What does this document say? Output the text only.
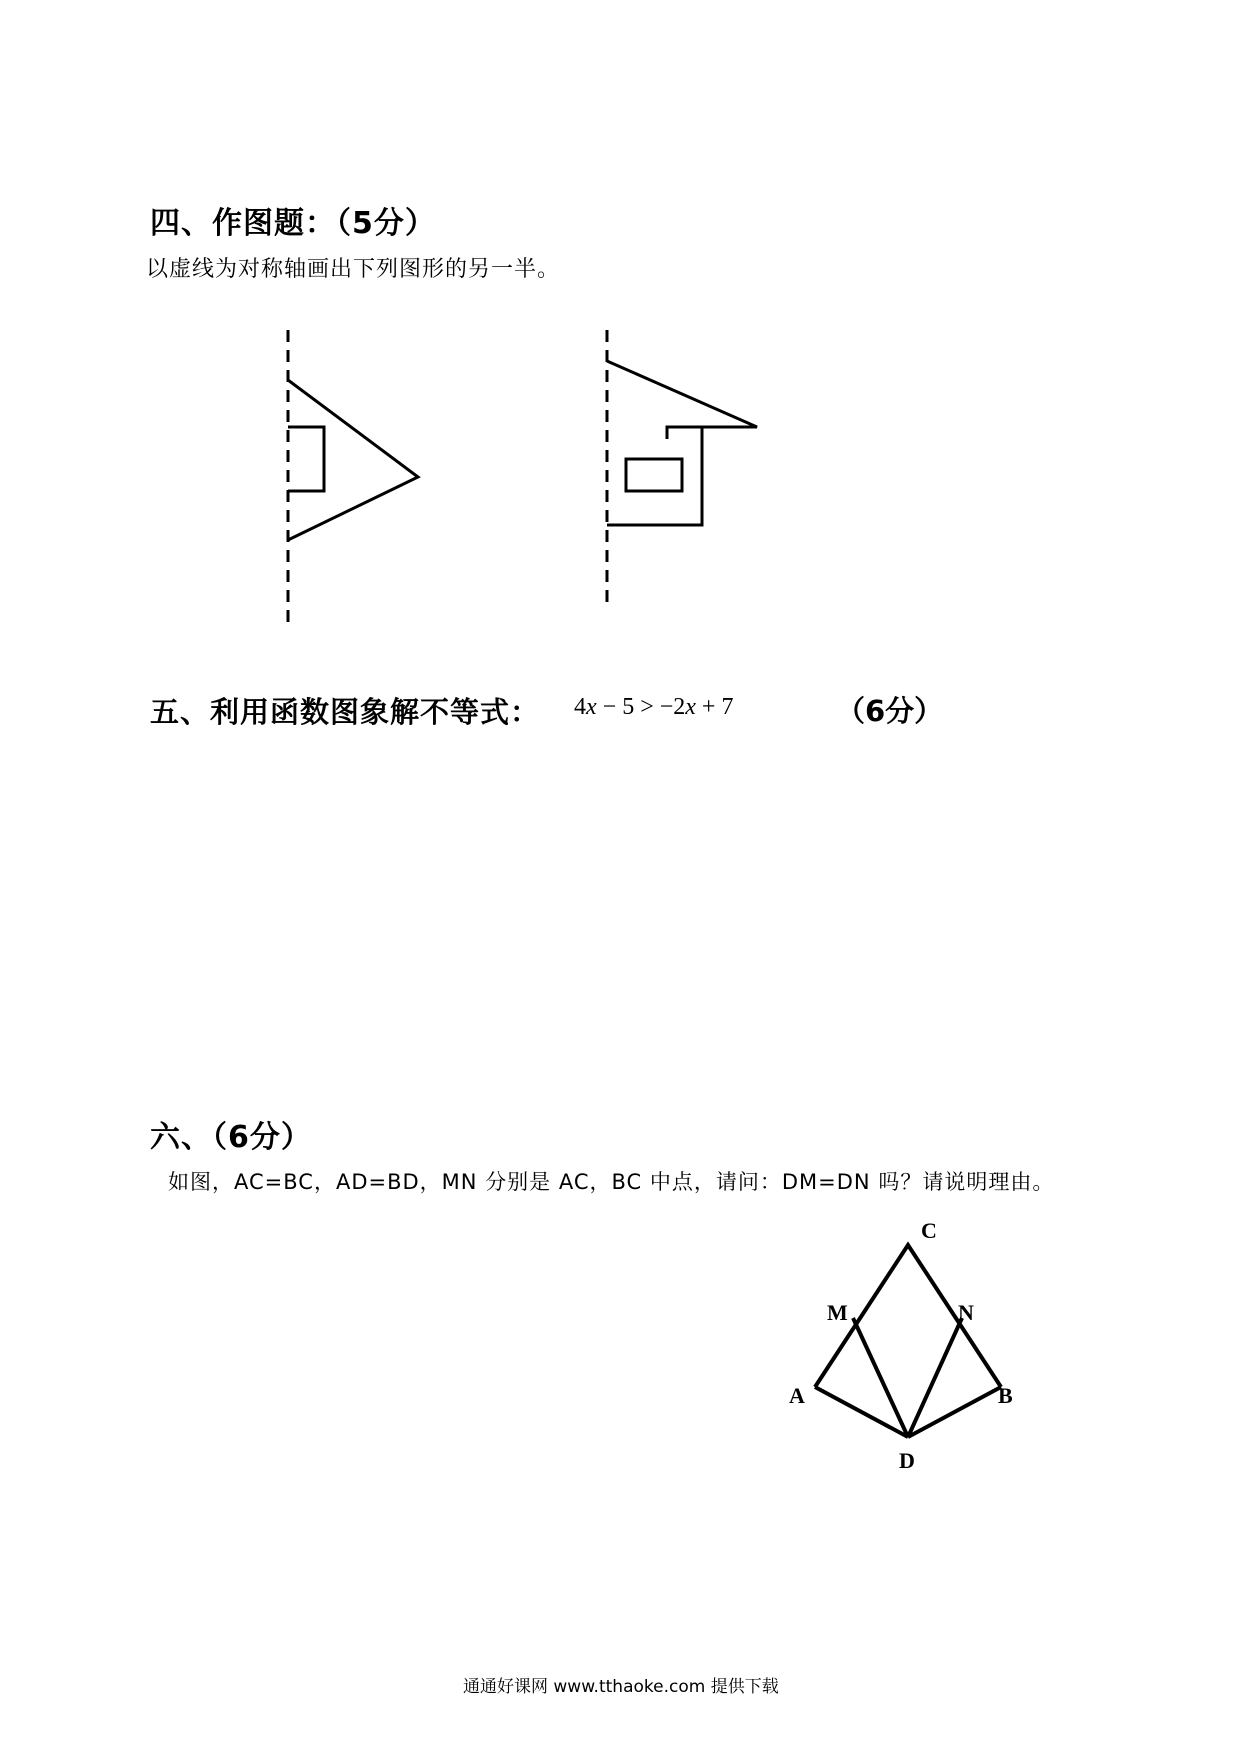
四、作图题：（5分）
以虚线为对称轴画出下列图形的另一半。
五、利用函数图象解不等式： 4x − 5 > −2x + 7	（6分）
六、（6分）
如图，AC=BC，AD=BD，MN 分别是 AC，BC 中点，请问：DM=DN 吗？请说明理由。
C
M	N
A	B
D
通通好课网 www.tthaoke.com 提供下载
